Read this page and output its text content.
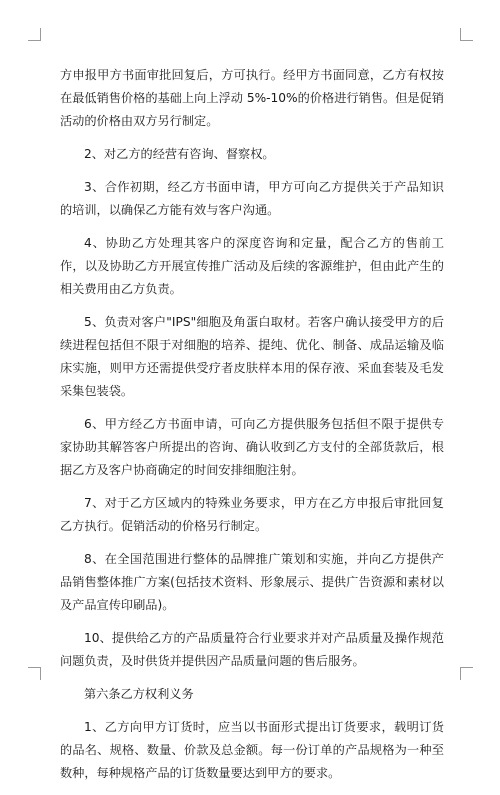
方申报甲方书面审批回复后，方可执行。经甲方书面同意，乙方有权按在最低销售价格的基础上向上浮动 5%-10%的价格进行销售。但是促销活动的价格由双方另行制定。

2、对乙方的经营有咨询、督察权。

3、合作初期，经乙方书面申请，甲方可向乙方提供关于产品知识的培训，以确保乙方能有效与客户沟通。

4、协助乙方处理其客户的深度咨询和定量，配合乙方的售前工作，以及协助乙方开展宣传推广活动及后续的客源维护，但由此产生的相关费用由乙方负责。

5、负责对客户"IPS"细胞及角蛋白取材。若客户确认接受甲方的后续进程包括但不限于对细胞的培养、提纯、优化、制备、成品运输及临床实施，则甲方还需提供受疗者皮肤样本用的保存液、采血套装及毛发采集包装袋。

6、甲方经乙方书面申请，可向乙方提供服务包括但不限于提供专家协助其解答客户所提出的咨询、确认收到乙方支付的全部货款后，根据乙方及客户协商确定的时间安排细胞注射。

7、对于乙方区域内的特殊业务要求，甲方在乙方申报后审批回复乙方执行。促销活动的价格另行制定。

8、在全国范围进行整体的品牌推广策划和实施，并向乙方提供产品销售整体推广方案(包括技术资料、形象展示、提供广告资源和素材以及产品宣传印刷品)。

10、提供给乙方的产品质量符合行业要求并对产品质量及操作规范问题负责，及时供货并提供因产品质量问题的售后服务。

第六条乙方权利义务

1、乙方向甲方订货时，应当以书面形式提出订货要求，载明订货的品名、规格、数量、价款及总金额。每一份订单的产品规格为一种至数种，每种规格产品的订货数量要达到甲方的要求。
